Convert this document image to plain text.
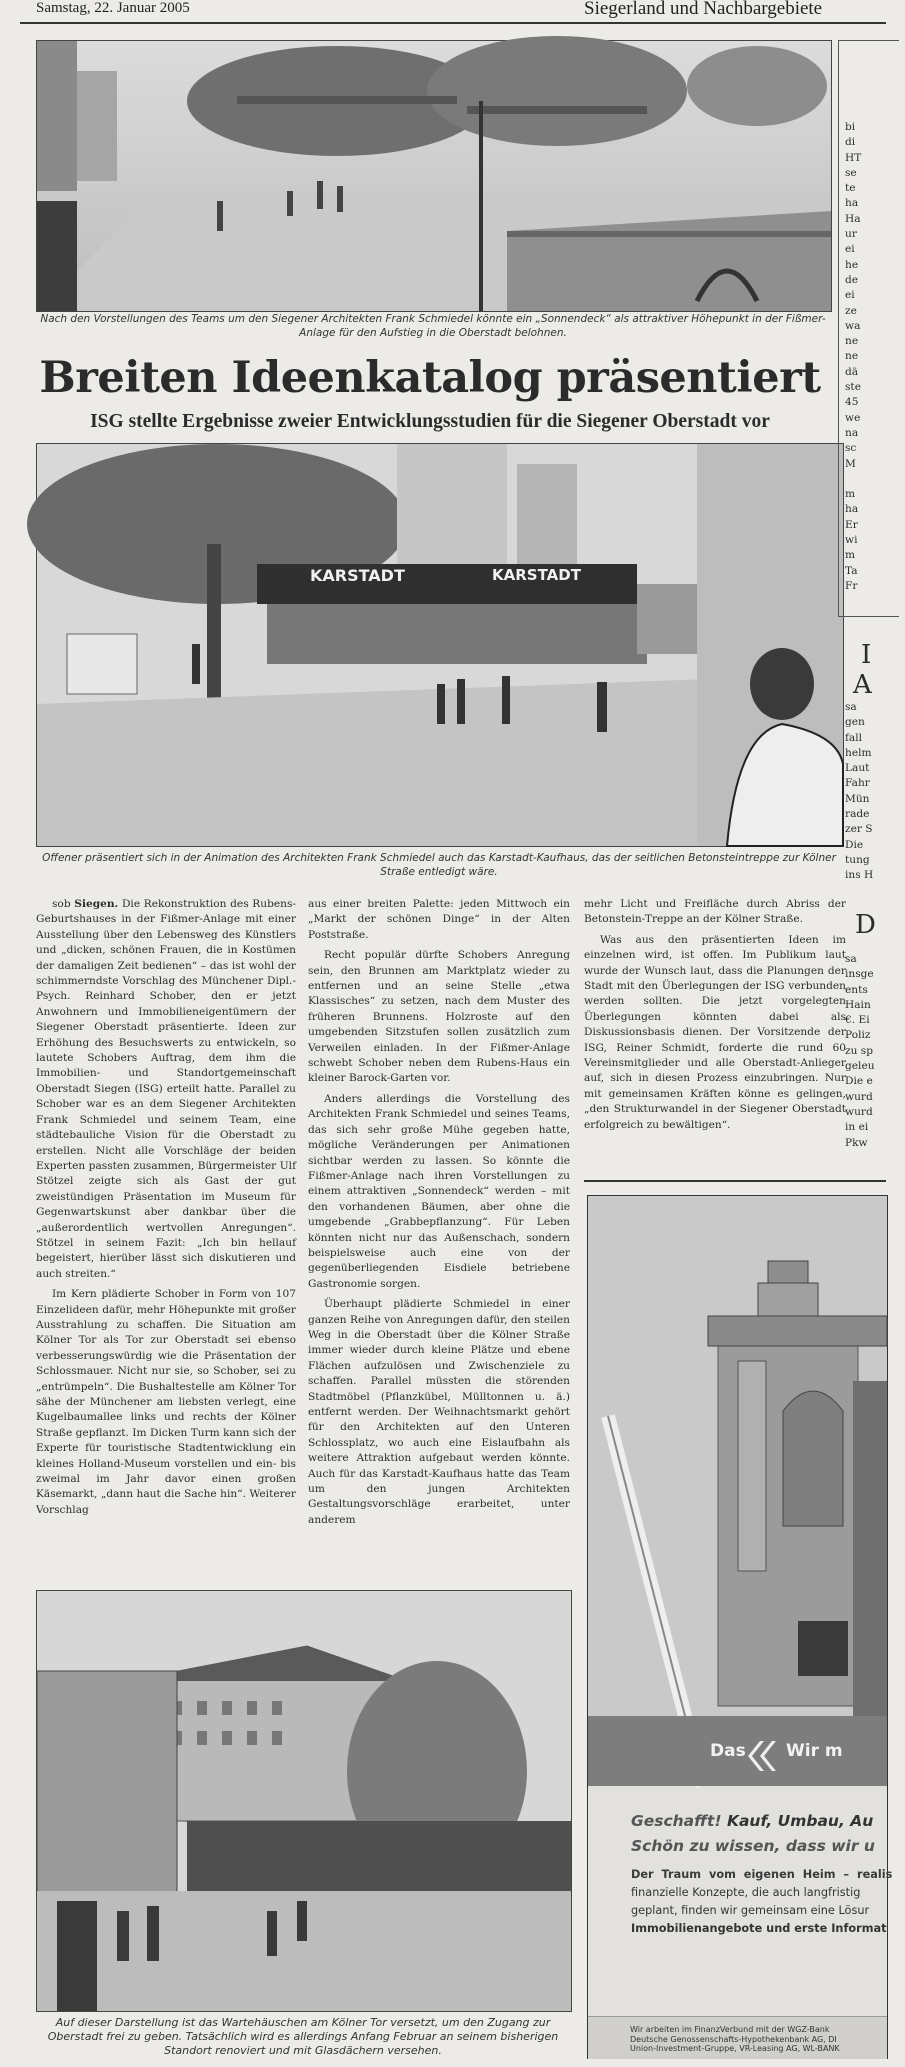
Samstag, 22. Januar 2005	Siegerland und Nachbargebiete
Nach den Vorstellungen des Teams um den Siegener Architekten Frank Schmiedel könnte ein „Sonnendeck“ als attraktiver Höhepunkt in der Fißmer-Anlage für den Aufstieg in die Oberstadt belohnen.
Breiten Ideenkatalog präsentiert
ISG stellte Ergebnisse zweier Entwicklungsstudien für die Siegener Oberstadt vor
KARSTADT	KARSTADT
Offener präsentiert sich in der Animation des Architekten Frank Schmiedel auch das Karstadt-Kaufhaus, das der seitlichen Betonsteintreppe zur Kölner Straße entledigt wäre.

sob Siegen. Die Rekonstruktion des Rubens-Geburtshauses in der Fißmer-Anlage mit einer Ausstellung über den Lebensweg des Künstlers und „dicken, schönen Frauen, die in Kostümen der damaligen Zeit bedienen“ – das ist wohl der schimmerndste Vorschlag des Münchener Dipl.-Psych. Reinhard Schober, den er jetzt Anwohnern und Immobilieneigentümern der Siegener Oberstadt präsentierte. Ideen zur Erhöhung des Besuchswerts zu entwickeln, so lautete Schobers Auftrag, dem ihm die Immobilien- und Standortgemeinschaft Oberstadt Siegen (ISG) erteilt hatte. Parallel zu Schober war es an dem Siegener Architekten Frank Schmiedel und seinem Team, eine städtebauliche Vision für die Oberstadt zu erstellen. Nicht alle Vorschläge der beiden Experten passten zusammen, Bürgermeister Ulf Stötzel zeigte sich als Gast der gut zweistündigen Präsentation im Museum für Gegenwartskunst aber dankbar über die „außerordentlich wertvollen Anregungen“. Stötzel in seinem Fazit: „Ich bin hellauf begeistert, hierüber lässt sich diskutieren und auch streiten.“

Im Kern plädierte Schober in Form von 107 Einzelideen dafür, mehr Höhepunkte mit großer Ausstrahlung zu schaffen. Die Situation am Kölner Tor als Tor zur Oberstadt sei ebenso verbesserungswürdig wie die Präsentation der Schlossmauer. Nicht nur sie, so Schober, sei zu „entrümpeln“. Die Bushaltestelle am Kölner Tor sähe der Münchener am liebsten verlegt, eine Kugelbaumallee links und rechts der Kölner Straße gepflanzt. Im Dicken Turm kann sich der Experte für touristische Stadtentwicklung ein kleines Holland-Museum vorstellen und ein- bis zweimal im Jahr davor einen großen Käsemarkt, „dann haut die Sache hin“. Weiterer Vorschlag

aus einer breiten Palette: jeden Mittwoch ein „Markt der schönen Dinge“ in der Alten Poststraße.

Recht populär dürfte Schobers Anregung sein, den Brunnen am Marktplatz wieder zu entfernen und an seine Stelle „etwa Klassisches“ zu setzen, nach dem Muster des früheren Brunnens. Holzroste auf den umgebenden Sitzstufen sollen zusätzlich zum Verweilen einladen. In der Fißmer-Anlage schwebt Schober neben dem Rubens-Haus ein kleiner Barock-Garten vor.

Anders allerdings die Vorstellung des Architekten Frank Schmiedel und seines Teams, das sich sehr große Mühe gegeben hatte, mögliche Veränderungen per Animationen sichtbar werden zu lassen. So könnte die Fißmer-Anlage nach ihren Vorstellungen zu einem attraktiven „Sonnendeck“ werden – mit den vorhandenen Bäumen, aber ohne die umgebende „Grabbepflanzung“. Für Leben könnten nicht nur das Außenschach, sondern beispielsweise auch eine von der gegenüberliegenden Eisdiele betriebene Gastronomie sorgen.

Überhaupt plädierte Schmiedel in einer ganzen Reihe von Anregungen dafür, den steilen Weg in die Oberstadt über die Kölner Straße immer wieder durch kleine Plätze und ebene Flächen aufzulösen und Zwischenziele zu schaffen. Parallel müssten die störenden Stadtmöbel (Pflanzkübel, Mülltonnen u. ä.) entfernt werden. Der Weihnachtsmarkt gehört für den Architekten auf den Unteren Schlossplatz, wo auch eine Eislaufbahn als weitere Attraktion aufgebaut werden könnte. Auch für das Karstadt-Kaufhaus hatte das Team um den jungen Architekten Gestaltungsvorschläge erarbeitet, unter anderem

mehr Licht und Freifläche durch Abriss der Betonstein-Treppe an der Kölner Straße.

Was aus den präsentierten Ideen im einzelnen wird, ist offen. Im Publikum laut wurde der Wunsch laut, dass die Planungen der Stadt mit den Überlegungen der ISG verbunden werden sollten. Die jetzt vorgelegten Überlegungen könnten dabei als Diskussionsbasis dienen. Der Vorsitzende der ISG, Reiner Schmidt, forderte die rund 60 Vereinsmitglieder und alle Oberstadt-Anlieger auf, sich in diesen Prozess einzubringen. Nur mit gemeinsamen Kräften könne es gelingen, „den Strukturwandel in der Siegener Oberstadt erfolgreich zu bewältigen“.

Auf dieser Darstellung ist das Wartehäuschen am Kölner Tor versetzt, um den Zugang zur Oberstadt frei zu geben. Tatsächlich wird es allerdings Anfang Februar an seinem bisherigen Standort renoviert und mit Glasdächern versehen.
bi
di
HT
se
te
ha
Ha
ur
ei
he
de
ei
ze
wa
ne
ne
dä
ste
45
we
na
sc
M

m
ha
Er
wi
m
Ta
Fr
I
A
sa
gen
fall
helm
Laut
Fahr
Mün
rade
zer S
Die
tung
ins H
D
sa
insge
ents
Hain
€. Ei
Poliz
zu sp
geleu
Die e
wurd
wurd
in ei
Pkw
Das Wir m
Geschafft! Kauf, Umbau, Au
Schön zu wissen, dass wir u
Der Traum vom eigenen Heim – realis
finanzielle Konzepte, die auch langfristig
geplant, finden wir gemeinsam eine Lösur
Immobilienangebote und erste Informat
Wir arbeiten im FinanzVerbund mit der WGZ-Bank
Deutsche Genossenschafts-Hypothekenbank AG, DI
Union-Investment-Gruppe, VR-Leasing AG, WL-BANK
